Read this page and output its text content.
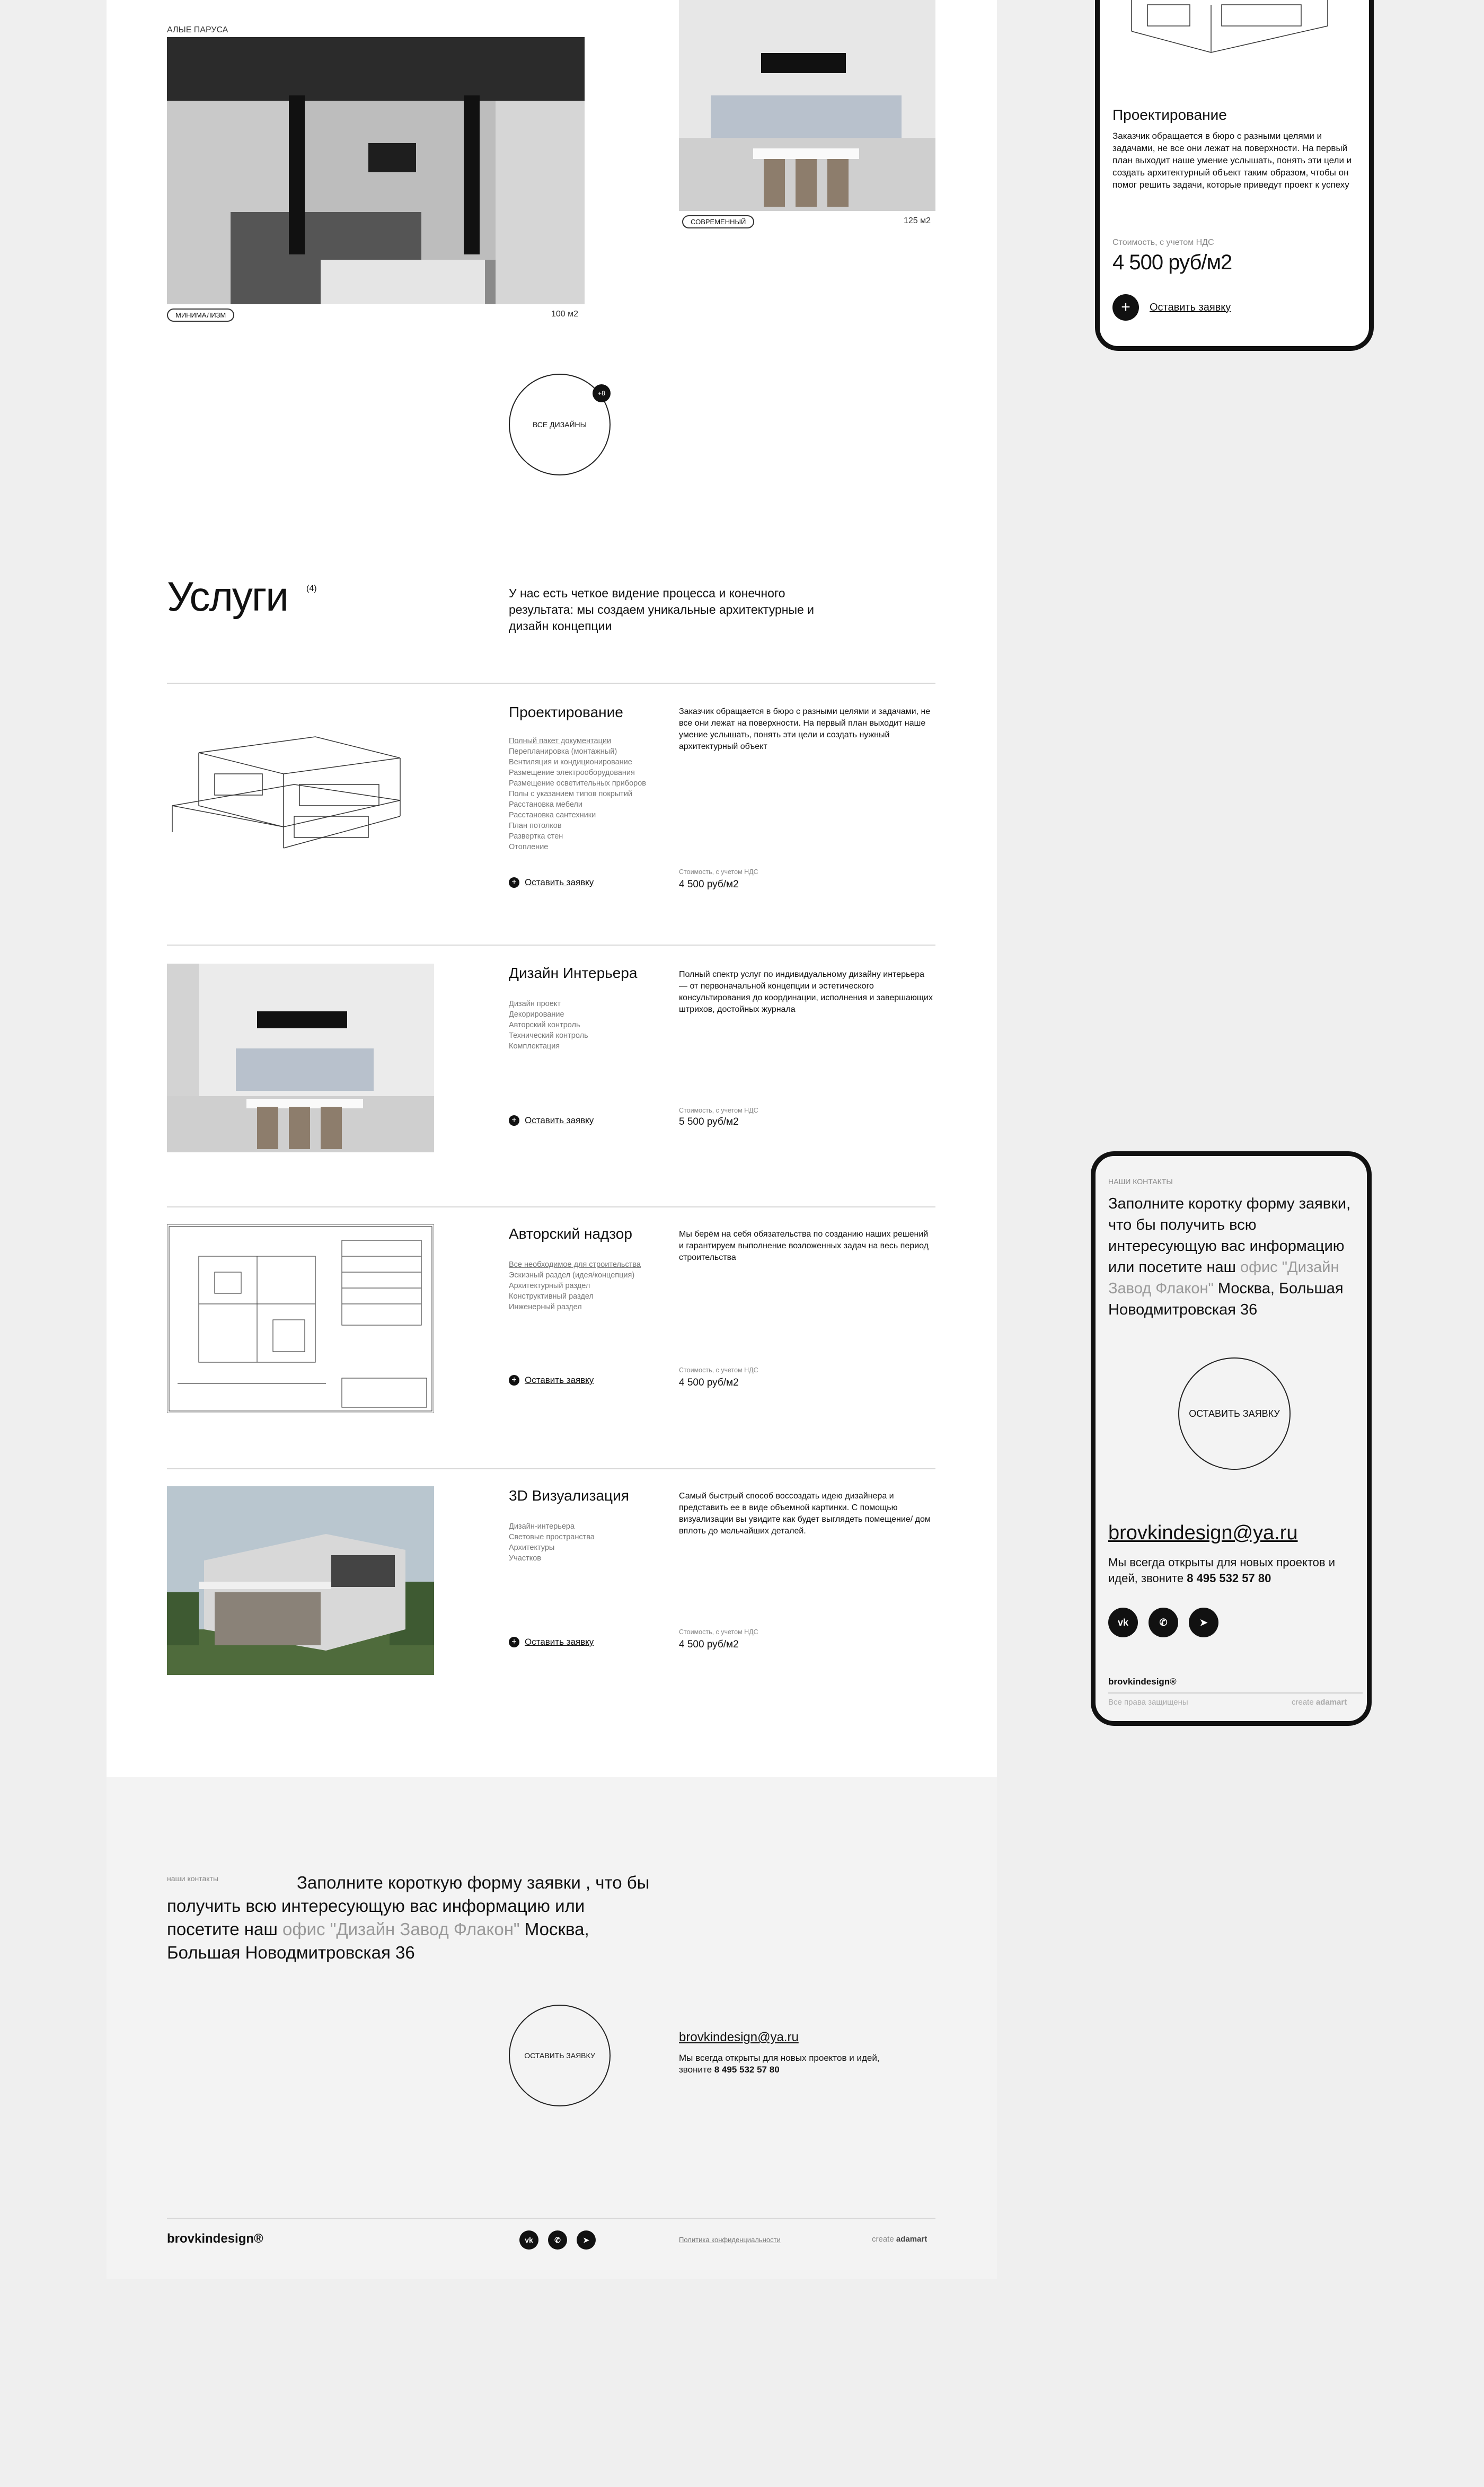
АЛЫЕ ПАРУСА
МИНИМАЛИЗМ	100 м2
СОВРЕМЕННЫЙ	125 м2
ВСЕ ДИЗАЙНЫ
+8
Услуги (4)	У нас есть четкое видение процесса и конечного результата: мы создаем уникальные архитектурные и дизайн концепции
Проектирование
Полный пакет документации
Перепланировка (монтажный)
Вентиляция и кондиционирование
Размещение электрооборудования
Размещение осветительных приборов
Полы с указанием типов покрытий
Расстановка мебели
Расстановка сантехники
План потолков
Развертка стен
Отопление
Заказчик обращается в бюро с разными целями и задачами, не все они лежат на поверхности. На первый план выходит наше умение услышать, понять эти цели и создать нужный архитектурный объект
+ Оставить заявку
Стоимость, с учетом НДС
4 500 руб/м2
Дизайн Интерьера
Дизайн проект
Декорирование
Авторский контроль
Технический контроль
Комплектация
Полный спектр услуг по индивидуальному дизайну интерьера — от первоначальной концепции и эстетического консультирования до координации, исполнения и завершающих штрихов, достойных журнала
+ Оставить заявку
Стоимость, с учетом НДС
5 500 руб/м2
Авторский надзор
Все необходимое для строительства
Эскизный раздел (идея/концепция)
Архитектурный раздел
Конструктивный раздел
Инженерный раздел
Мы берём на себя обязательства по созданию наших решений и гарантируем выполнение возложенных задач на весь период строительства
+ Оставить заявку
Стоимость, с учетом НДС
4 500 руб/м2
3D Визуализация
Дизайн-интерьера
Световые пространства
Архитектуры
Участков
Самый быстрый способ воссоздать идею дизайнера и представить ее в виде объемной картинки. С помощью визуализации вы увидите как будет выглядеть помещение/ дом вплоть до мельчайших деталей.
+ Оставить заявку
Стоимость, с учетом НДС
4 500 руб/м2
наши контакты	Заполните короткую форму заявки , что бы получить всю интересующую вас информацию или посетите наш офис "Дизайн Завод Флакон" Москва, Большая Новодмитровская 36
ОСТАВИТЬ ЗАЯВКУ
brovkindesign@ya.ru
Мы всегда открыты для новых проектов и идей, звоните 8 495 532 57 80
brovkindesign®	vk	✆	➤	Политика конфиденциальности	create adamart
Проектирование
Заказчик обращается в бюро с разными целями и задачами, не все они лежат на поверхности. На первый план выходит наше умение услышать, понять эти цели и создать архитектурный объект таким образом, чтобы он помог решить задачи, которые приведут проект к успеху
Стоимость, с учетом НДС
4 500 руб/м2
+	Оставить заявку
НАШИ КОНТАКТЫ
Заполните коротку форму заявки, что бы получить всю интересующую вас информацию или посетите наш офис "Дизайн Завод Флакон" Москва, Большая Новодмитровская 36
ОСТАВИТЬ ЗАЯВКУ
brovkindesign@ya.ru
Мы всегда открыты для новых проектов и идей, звоните 8 495 532 57 80
vk	✆	➤
brovkindesign®
Все права защищены	create adamart
